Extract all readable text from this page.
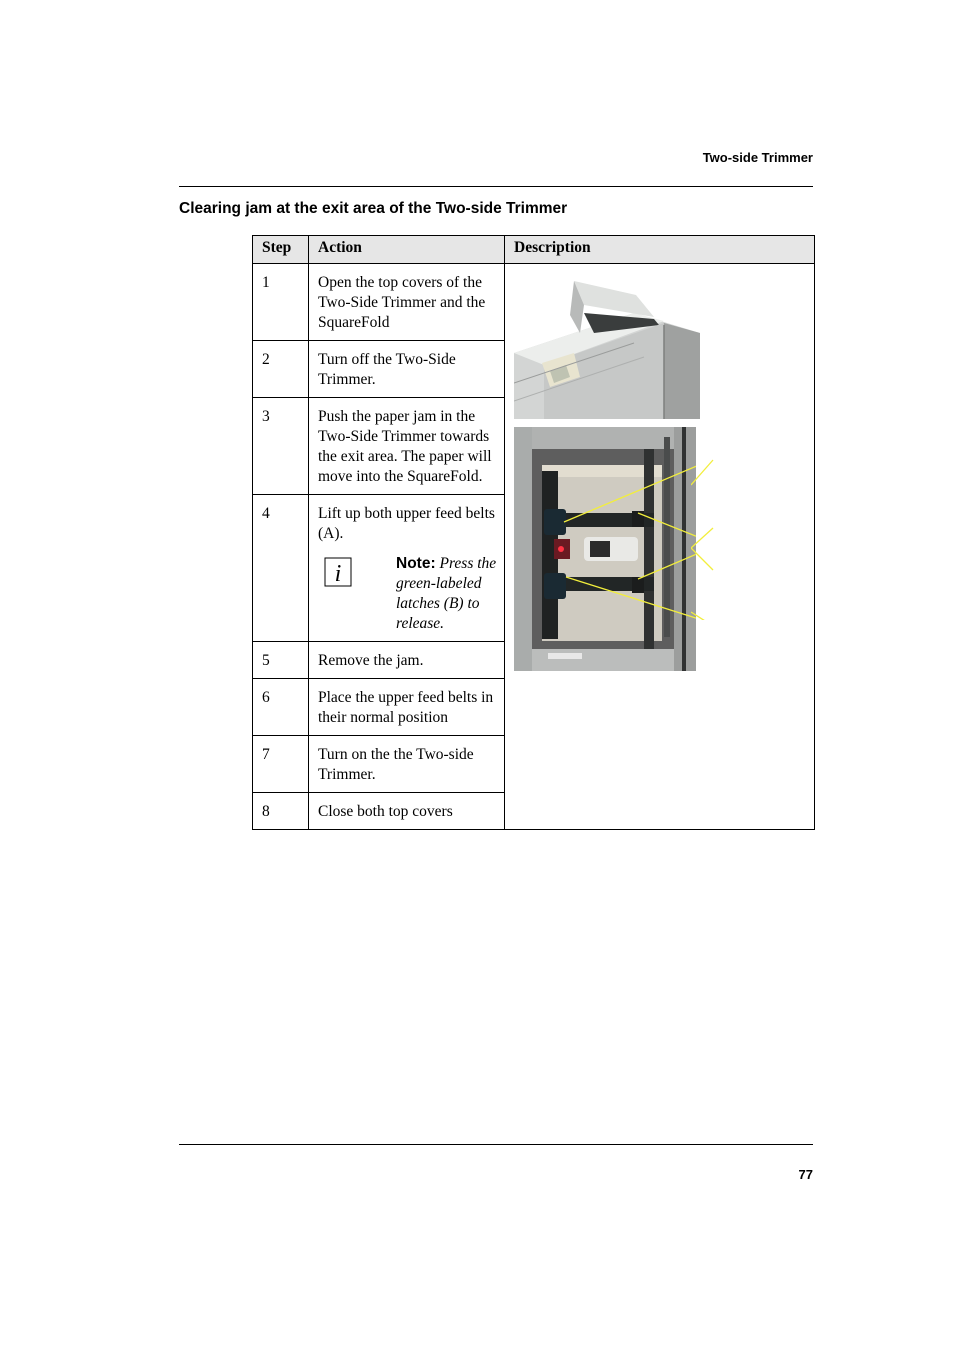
Two-side Trimmer
Clearing jam at the exit area of the Two-side Trimmer
Step	Action	Description
1	Open the top covers of the Two-Side Trimmer and the SquareFold	

2	Turn off the Two-Side Trimmer.	
3	Push the paper jam in the Two-Side Trimmer towards the exit area. The paper will move into the SquareFold.	
4	Lift up both upper feed belts (A).
i Note: Press the green-labeled latches (B) to release.	

5	Remove the jam.	
6	Place the upper feed belts in their normal position	
7	Turn on the the Two-side Trimmer.	
8	Close both top covers	
77
